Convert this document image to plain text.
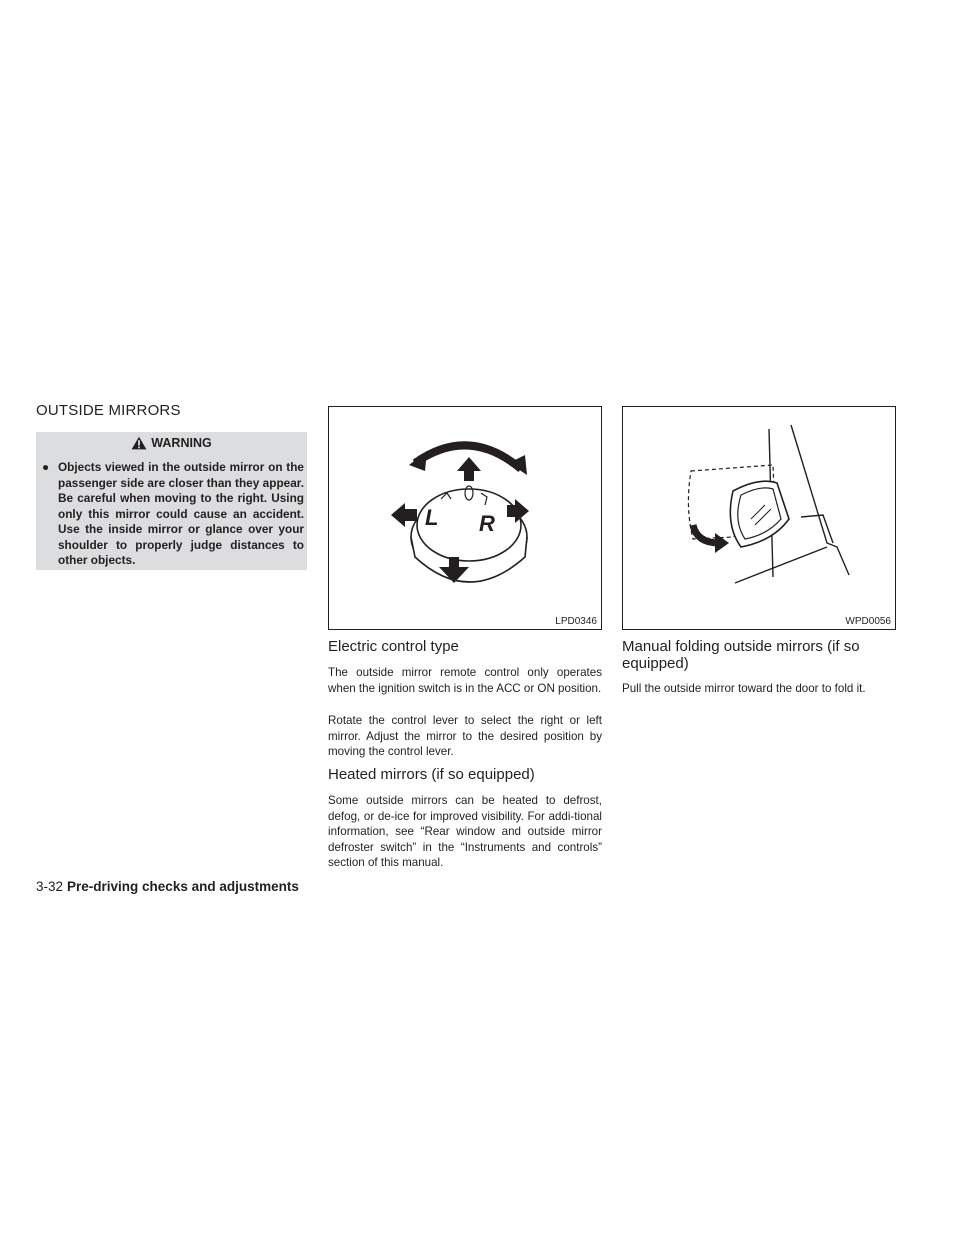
OUTSIDE MIRRORS
WARNING
● Objects viewed in the outside mirror on the passenger side are closer than they appear. Be careful when moving to the right. Using only this mirror could cause an accident. Use the inside mirror or glance over your shoulder to properly judge distances to other objects.
L R
LPD0346	WPD0056
Electric control type

The outside mirror remote control only operates when the ignition switch is in the ACC or ON position.

Rotate the control lever to select the right or left mirror. Adjust the mirror to the desired position by moving the control lever.

Heated mirrors (if so equipped)

Some outside mirrors can be heated to defrost, defog, or de-ice for improved visibility. For addi-tional information, see “Rear window and outside mirror defroster switch” in the “Instruments and controls” section of this manual.

Manual folding outside mirrors (if so equipped)

Pull the outside mirror toward the door to fold it.

3-32 Pre-driving checks and adjustments
